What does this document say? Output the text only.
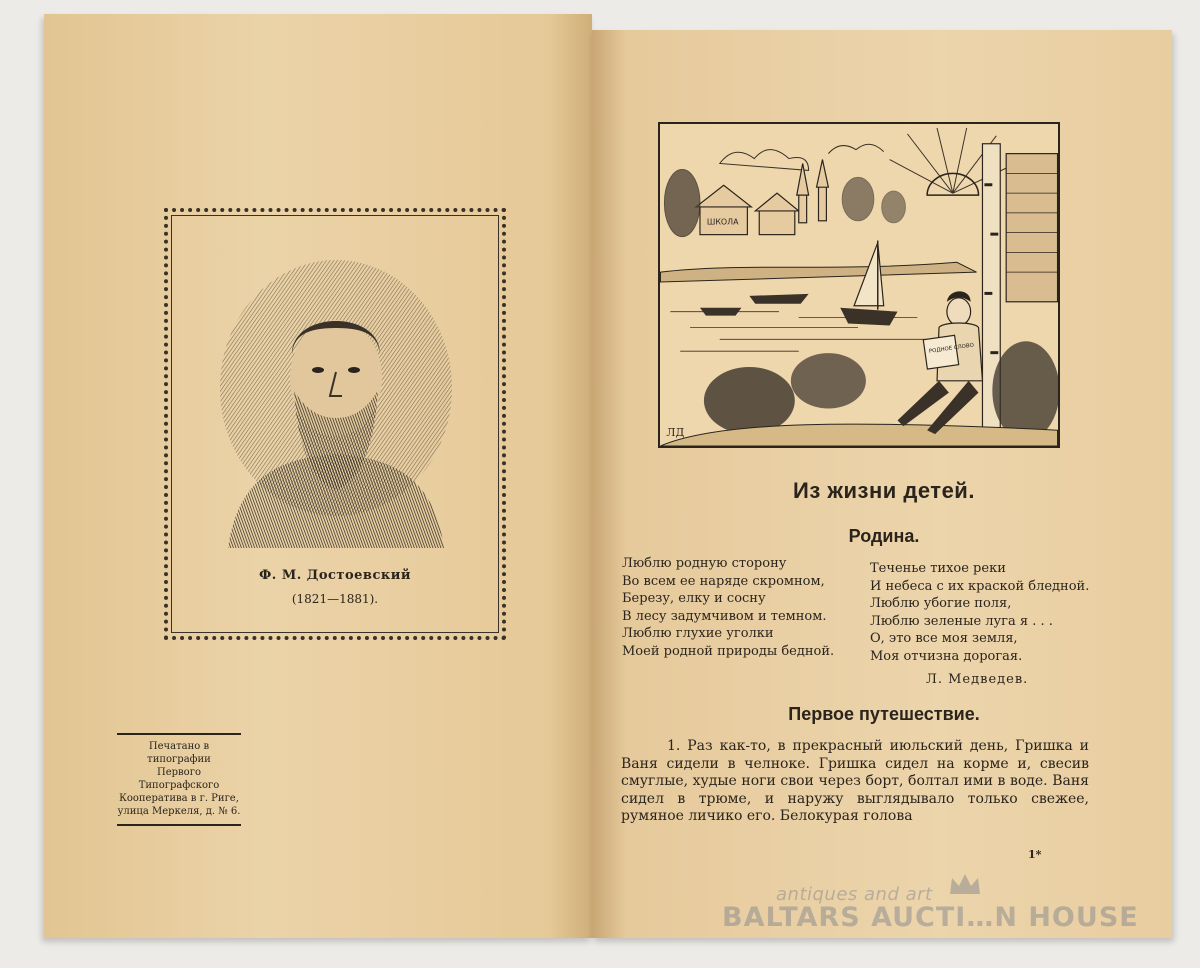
Ф. М. Достоевский
(1821—1881).
Печатано в типографии
Первого Типографского
Кооператива в г. Риге,
улица Меркеля, д. № 6.
ШКОЛА
РОДНОЕ СЛОВО
ЛД
Из жизни детей.
Родина.
Люблю родную сторону
Во всем ее наряде скромном,
Березу, елку и сосну
В лесу задумчивом и темном.
Люблю глухие уголки
Моей родной природы бедной.
Теченье тихое реки
И небеса с их краской бледной.
Люблю убогие поля,
Люблю зеленые луга я . . .
О, это все моя земля,
Моя отчизна дорогая.
Л. Медведев.
Первое путешествие.
1. Раз как-то, в прекрасный июльский день, Гришка и Ваня сидели в челноке. Гришка сидел на корме и, свесив смуглые, худые ноги свои через борт, болтал ими в воде. Ваня сидел в трюме, и наружу выглядывало только свежее, румяное личико его. Белокурая голова
1*
antiques and art
BALTARS AUCTI…N HOUSE
